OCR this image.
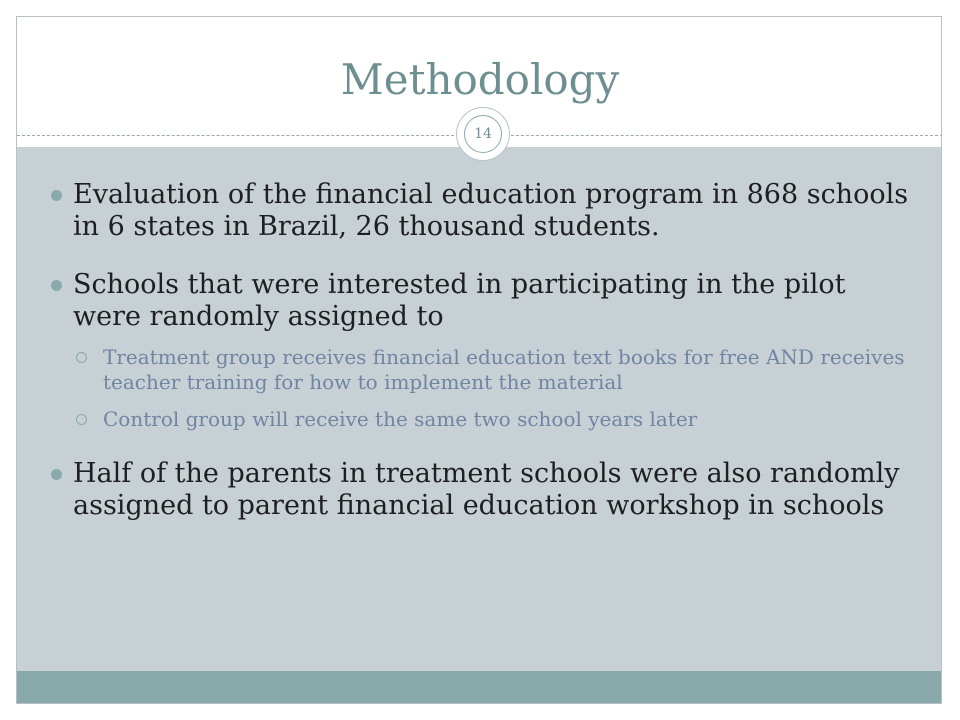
Methodology
Evaluation of the financial education program in 868 schools in 6 states in Brazil, 26 thousand students.
Schools that were interested in participating in the pilot were randomly assigned to
Treatment group receives financial education text books for free AND receives teacher training for how to implement the material
Control group will receive the same two school years later
Half of the parents in treatment schools were also randomly assigned to parent financial education workshop in schools
14
